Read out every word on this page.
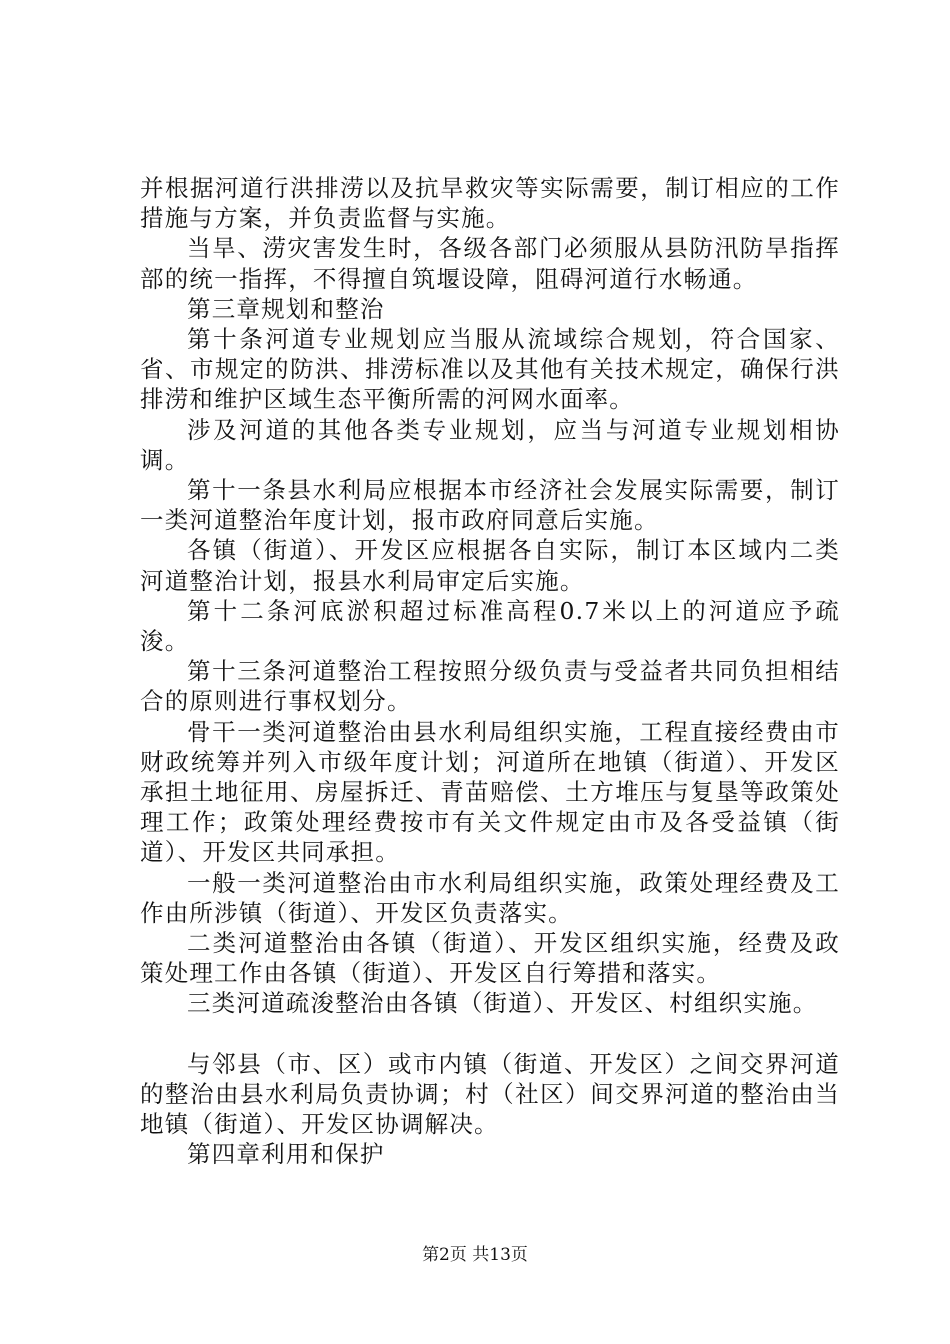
并根据河道行洪排涝以及抗旱救灾等实际需要，制订相应的工作措施与方案，并负责监督与实施。

当旱、涝灾害发生时，各级各部门必须服从县防汛防旱指挥部的统一指挥，不得擅自筑堰设障，阻碍河道行水畅通。

第三章规划和整治

第十条河道专业规划应当服从流域综合规划，符合国家、省、市规定的防洪、排涝标准以及其他有关技术规定，确保行洪排涝和维护区域生态平衡所需的河网水面率。

涉及河道的其他各类专业规划，应当与河道专业规划相协调。

第十一条县水利局应根据本市经济社会发展实际需要，制订一类河道整治年度计划，报市政府同意后实施。

各镇（街道）、开发区应根据各自实际，制订本区域内二类河道整治计划，报县水利局审定后实施。

第十二条河底淤积超过标准高程0.7米以上的河道应予疏浚。

第十三条河道整治工程按照分级负责与受益者共同负担相结合的原则进行事权划分。

骨干一类河道整治由县水利局组织实施，工程直接经费由市财政统筹并列入市级年度计划；河道所在地镇（街道）、开发区承担土地征用、房屋拆迁、青苗赔偿、土方堆压与复垦等政策处理工作；政策处理经费按市有关文件规定由市及各受益镇（街道）、开发区共同承担。

一般一类河道整治由市水利局组织实施，政策处理经费及工作由所涉镇（街道）、开发区负责落实。

二类河道整治由各镇（街道）、开发区组织实施，经费及政策处理工作由各镇（街道）、开发区自行筹措和落实。

三类河道疏浚整治由各镇（街道）、开发区、村组织实施。

与邻县（市、区）或市内镇（街道、开发区）之间交界河道的整治由县水利局负责协调；村（社区）间交界河道的整治由当地镇（街道）、开发区协调解决。

第四章利用和保护

第2页 共13页
